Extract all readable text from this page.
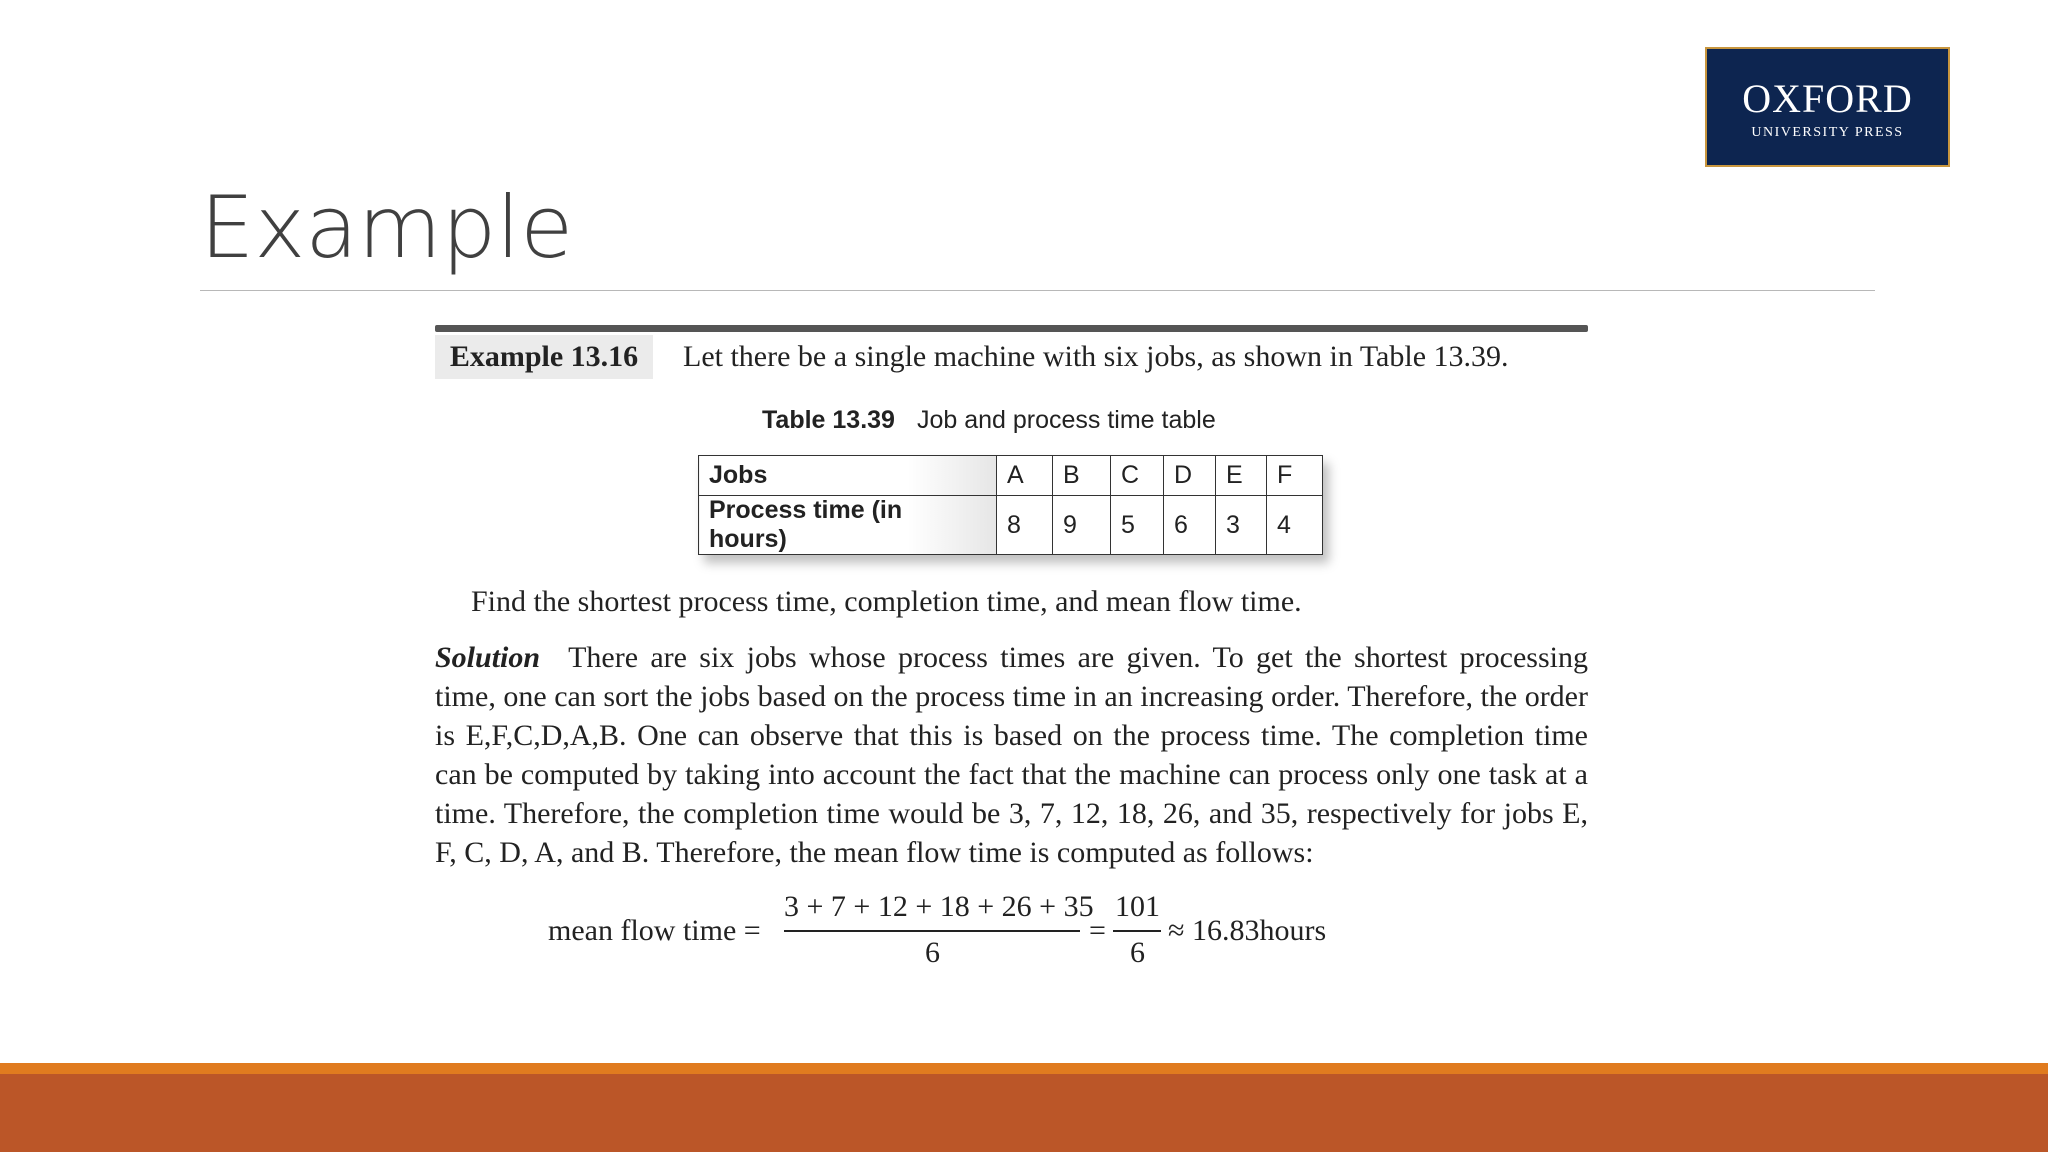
OXFORD
UNIVERSITY PRESS
Example
Example 13.16	Let there be a single machine with six jobs, as shown in Table 13.39.
Table 13.39 Job and process time table
Jobs	A	B	C	D	E	F
Process time (in hours)	8	9	5	6	3	4
Find the shortest process time, completion time, and mean flow time.

Solution There are six jobs whose process times are given. To get the shortest processing time, one can sort the jobs based on the process time in an increasing order. Therefore, the order is E,F,C,D,A,B. One can observe that this is based on the process time. The completion time can be computed by taking into account the fact that the machine can process only one task at a time. Therefore, the completion time would be 3, 7, 12, 18, 26, and 35, respectively for jobs E, F, C, D, A, and B. Therefore, the mean flow time is computed as follows:

mean flow time =
3 + 7 + 12 + 18 + 26 + 35
6
=
101
6
≈ 16.83hours
